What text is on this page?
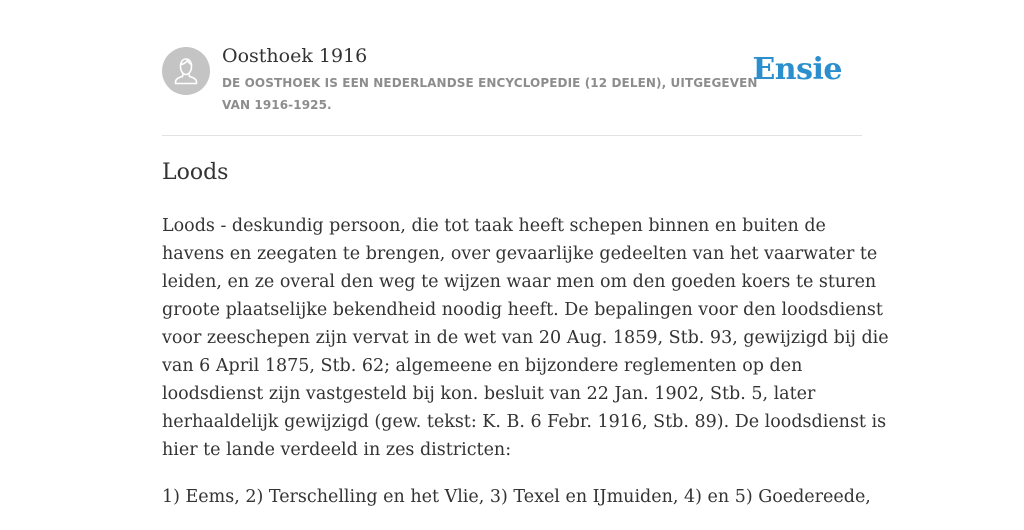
Oosthoek 1916
DE OOSTHOEK IS EEN NEDERLANDSE ENCYCLOPEDIE (12 DELEN), UITGEGEVEN VAN 1916-1925.
Ensie
Loods

Loods - deskundig persoon, die tot taak heeft schepen binnen en buiten de
havens en zeegaten te brengen, over gevaarlijke gedeelten van het vaarwater te
leiden, en ze overal den weg te wijzen waar men om den goeden koers te sturen
groote plaatselijke bekendheid noodig heeft. De bepalingen voor den loodsdienst
voor zeeschepen zijn vervat in de wet van 20 Aug. 1859, Stb. 93, gewijzigd bij die
van 6 April 1875, Stb. 62; algemeene en bijzondere reglementen op den
loodsdienst zijn vastgesteld bij kon. besluit van 22 Jan. 1902, Stb. 5, later
herhaaldelijk gewijzigd (gew. tekst: K. B. 6 Febr. 1916, Stb. 89). De loodsdienst is
hier te lande verdeeld in zes districten:

1) Eems, 2) Terschelling en het Vlie, 3) Texel en IJmuiden, 4) en 5) Goedereede,
